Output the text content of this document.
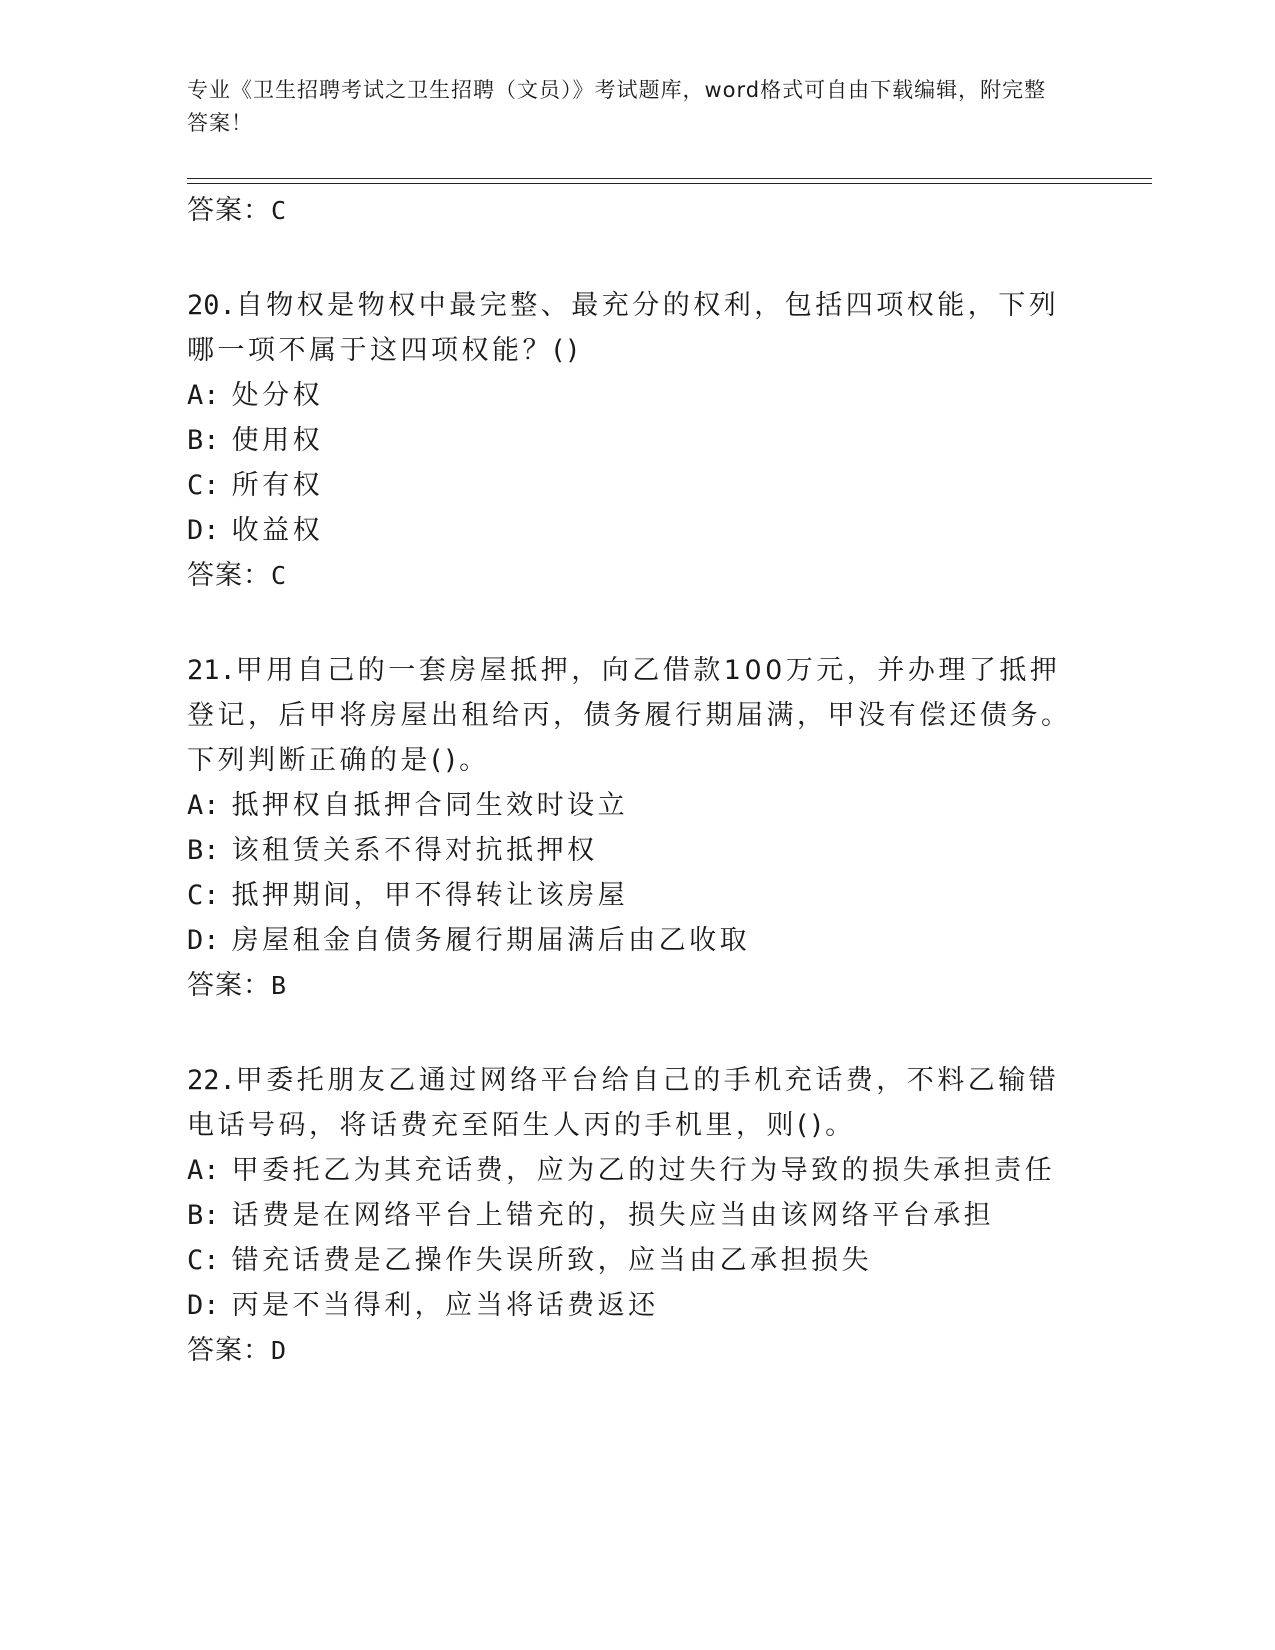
专业《卫生招聘考试之卫生招聘（文员）》考试题库，word格式可自由下载编辑，附完整答案！
答案：C
20.自物权是物权中最完整、最充分的权利，包括四项权能，下列哪一项不属于这四项权能？()
A: 处分权
B: 使用权
C: 所有权
D: 收益权
答案：C
21.甲用自己的一套房屋抵押，向乙借款100万元，并办理了抵押登记，后甲将房屋出租给丙，债务履行期届满，甲没有偿还债务。下列判断正确的是()。
A: 抵押权自抵押合同生效时设立
B: 该租赁关系不得对抗抵押权
C: 抵押期间，甲不得转让该房屋
D: 房屋租金自债务履行期届满后由乙收取
答案：B
22.甲委托朋友乙通过网络平台给自己的手机充话费，不料乙输错电话号码，将话费充至陌生人丙的手机里，则()。
A: 甲委托乙为其充话费，应为乙的过失行为导致的损失承担责任
B: 话费是在网络平台上错充的，损失应当由该网络平台承担
C: 错充话费是乙操作失误所致，应当由乙承担损失
D: 丙是不当得利，应当将话费返还
答案：D
